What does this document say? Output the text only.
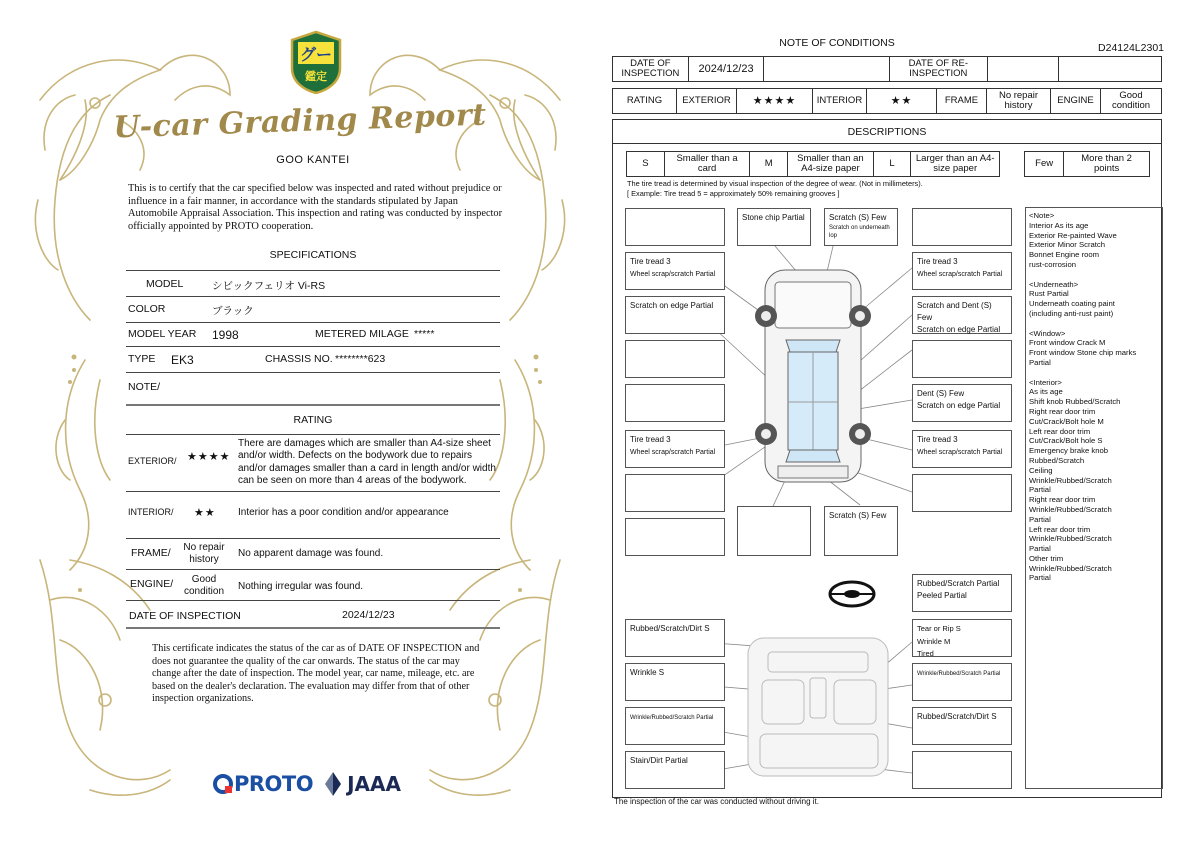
グー
鑑定
U-car Grading Report
GOO KANTEI
This is to certify that the car specified below was inspected and rated without prejudice or influence in a fair manner, in accordance with the standards stipulated by Japan Automobile Appraisal Association. This inspection and rating was conducted by inspector officially appointed by PROTO cooperation.
SPECIFICATIONS
MODEL	シビックフェリオ Vi-RS
COLOR	ブラック
MODEL YEAR 1998	METERED MILAGE *****
TYPE EK3	CHASSIS NO. ********623
NOTE/
RATING
EXTERIOR/ ★★★★
There are damages which are smaller than A4-size sheet and/or width. Defects on the bodywork due to repairs and/or damages smaller than a card in length and/or width can be seen on more than 4 areas of the bodywork.
INTERIOR/ ★★ Interior has a poor condition and/or appearance
FRAME/	No repair history
No apparent damage was found.
ENGINE/	Good condition	Nothing irregular was found.
DATE OF INSPECTION	2024/12/23
This certificate indicates the status of the car as of DATE OF INSPECTION and does not guarantee the quality of the car onwards. The status of the car may change after the date of inspection. The model year, car name, mileage, etc. are based on the dealer's declaration. The evaluation may differ from that of other inspection organizations.
PROTO JAAA
NOTE OF CONDITIONS	D24124L2301
DATE OF INSPECTION	2024/12/23	DATE OF RE-INSPECTION
RATING	EXTERIOR	★★★★	INTERIOR	★★	FRAME	No repair history	ENGINE	Good condition
DESCRIPTIONS
S	Smaller than a card	M	Smaller than an A4-size paper	L	Larger than an A4-size paper	Few	More than 2 points
The tire tread is determined by visual inspection of the degree of wear. (Not in millimeters).
[ Example: Tire tread 5 = approximately 50% remaining grooves ]
Stone chip Partial	Scratch (S) Few
Scratch on underneath lop
Tire tread 3
Wheel scrap/scratch Partial
Tire tread 3
Wheel scrap/scratch Partial
Scratch on edge Partial	Scratch and Dent (S) Few
Scratch on edge Partial
Dent (S) Few
Scratch on edge Partial
Tire tread 3
Wheel scrap/scratch Partial
Tire tread 3
Wheel scrap/scratch Partial
Scratch (S) Few
Rubbed/Scratch Partial
Peeled Partial
Rubbed/Scratch/Dirt S	Tear or Rip S
Wrinkle M
Tired
Wrinkle S	Wrinkle/Rubbed/Scratch Partial
Wrinkle/Rubbed/Scratch Partial	Rubbed/Scratch/Dirt S
Stain/Dirt Partial
<Note>
Interior As its age
Exterior Re-painted Wave
Exterior Minor Scratch
Bonnet Engine room
rust-corrosion

<Underneath>
Rust Partial
Underneath coating paint
(including anti-rust paint)

<Window>
Front window Crack M
Front window Stone chip marks
Partial

<Interior>
As its age
Shift knob Rubbed/Scratch
Right rear door trim
Cut/Crack/Bolt hole M
Left rear door trim
Cut/Crack/Bolt hole S
Emergency brake knob
Rubbed/Scratch
Ceiling
Wrinkle/Rubbed/Scratch
Partial
Right rear door trim
Wrinkle/Rubbed/Scratch
Partial
Left rear door trim
Wrinkle/Rubbed/Scratch
Partial
Other trim
Wrinkle/Rubbed/Scratch
Partial
The inspection of the car was conducted without driving it.
